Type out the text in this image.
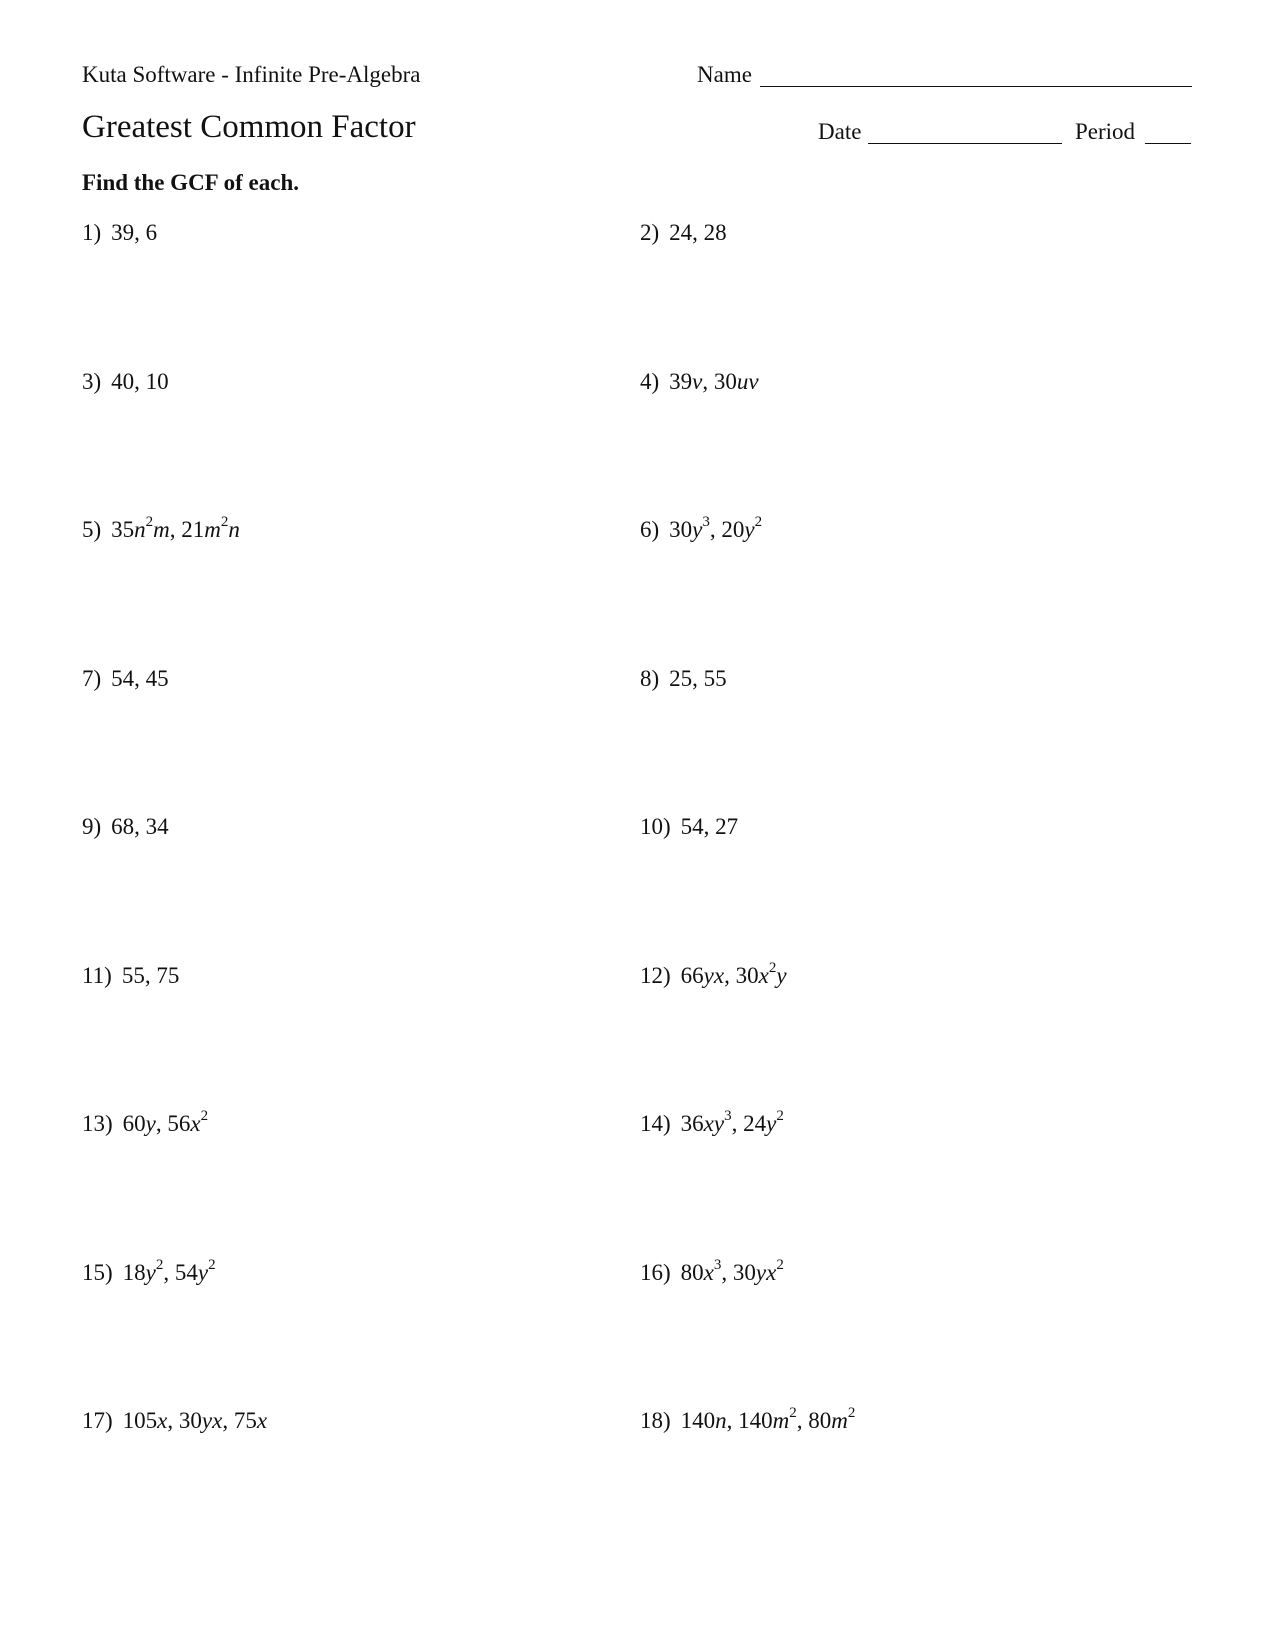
Kuta Software - Infinite Pre-Algebra	Name
Greatest Common Factor	Date	Period
Find the GCF of each.
1) 39, 6	2) 24, 28
3) 40, 10	4) 39v, 30uv
5) $35n^2m$, $21m^2n$	6) $30y^3$, $20y^2$
7) 54, 45	8) 25, 55
9) 68, 34	10) 54, 27
11) 55, 75	12) 66yx, $30x^2y$
13) 60y, $56x^2$	14) $36xy^3$, $24y^2$
15) $18y^2$, $54y^2$	16) $80x^3$, $30yx^2$
17) 105x, 30yx, 75x	18) 140n, $140m^2$, $80m^2$
